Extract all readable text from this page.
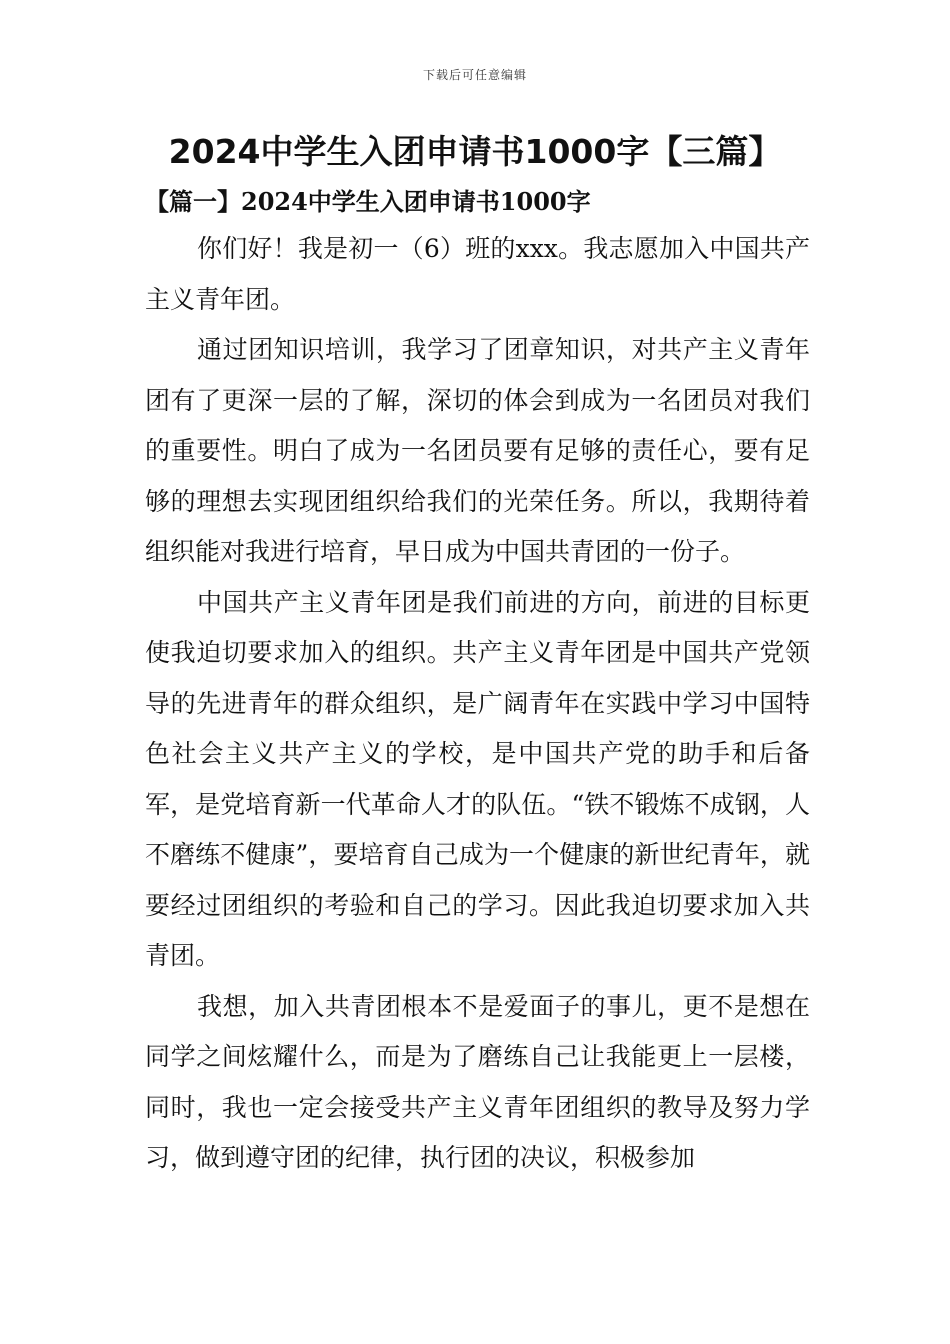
下载后可任意编辑
2024中学生入团申请书1000字【三篇】
【篇一】2024中学生入团申请书1000字

你们好！我是初一（6）班的xxx。我志愿加入中国共产主义青年团。

通过团知识培训，我学习了团章知识，对共产主义青年团有了更深一层的了解，深切的体会到成为一名团员对我们的重要性。明白了成为一名团员要有足够的责任心，要有足够的理想去实现团组织给我们的光荣任务。所以，我期待着组织能对我进行培育，早日成为中国共青团的一份子。

中国共产主义青年团是我们前进的方向，前进的目标更使我迫切要求加入的组织。共产主义青年团是中国共产党领导的先进青年的群众组织，是广阔青年在实践中学习中国特色社会主义共产主义的学校，是中国共产党的助手和后备军，是党培育新一代革命人才的队伍。“铁不锻炼不成钢，人不磨练不健康”，要培育自己成为一个健康的新世纪青年，就要经过团组织的考验和自己的学习。因此我迫切要求加入共青团。

我想，加入共青团根本不是爱面子的事儿，更不是想在同学之间炫耀什么，而是为了磨练自己让我能更上一层楼，同时，我也一定会接受共产主义青年团组织的教导及努力学习，做到遵守团的纪律，执行团的决议，积极参加
